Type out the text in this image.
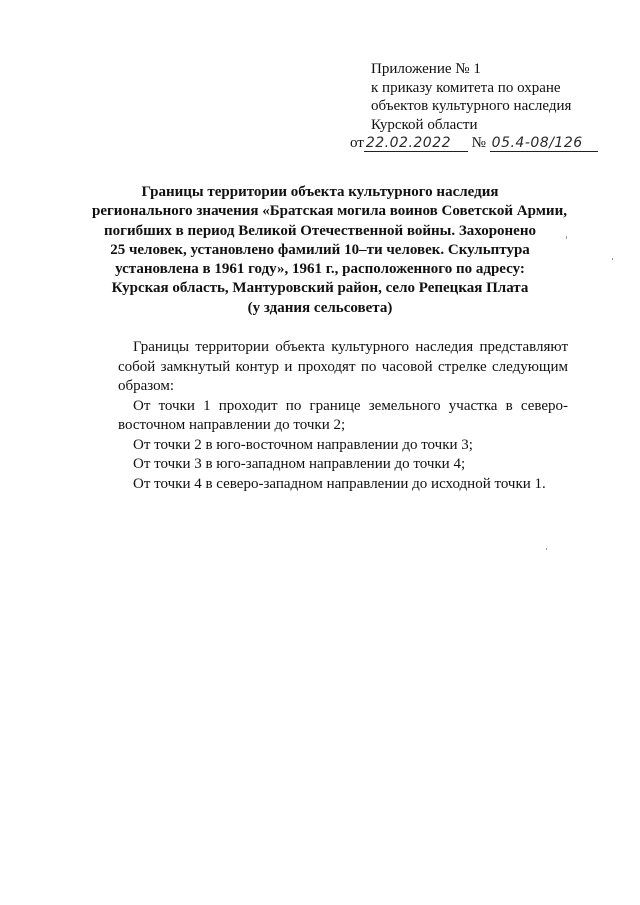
Приложение № 1
к приказу комитета по охране
объектов культурного наследия
Курской области
от 22.02.2022 № 05.4-08/126
Границы территории объекта культурного наследия
регионального значения «Братская могила воинов Советской Армии,
погибших в период Великой Отечественной войны. Захоронено
25 человек, установлено фамилий 10–ти человек. Скульптура
установлена в 1961 году», 1961 г., расположенного по адресу:
Курская область, Мантуровский район, село Репецкая Плата
(у здания сельсовета)

Границы территории объекта культурного наследия представляют
собой замкнутый контур и проходят по часовой стрелке следующим
образом:

От точки 1 проходит по границе земельного участка в северо-
восточном направлении до точки 2;

От точки 2 в юго-восточном направлении до точки 3;

От точки 3 в юго-западном направлении до точки 4;

От точки 4 в северо-западном направлении до исходной точки 1.
